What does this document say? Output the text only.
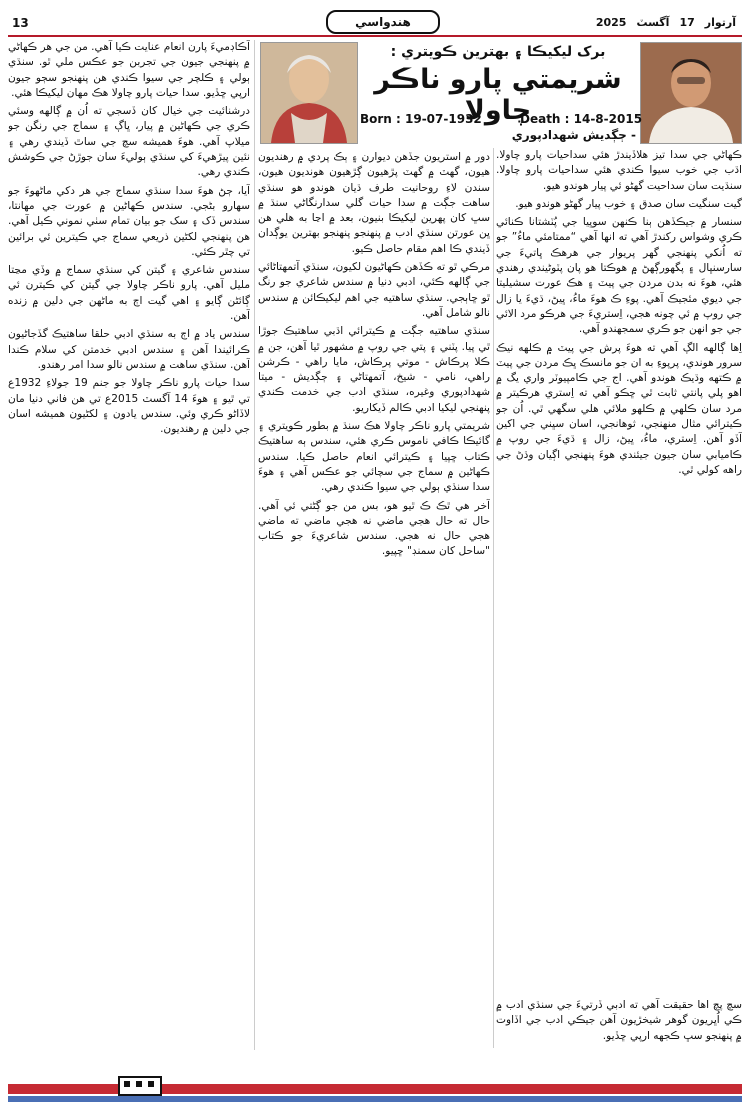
13	هندواسي	آرتوار17آگسٽ2025
برک ليکيڪا ۽ بهترين ڪويتري :
شريمتي پارو ناڪر چاولا
Born : 19-07-1932	Death : 14-8-2015
- ڄڳديش شهدادپوري

ڪهاڻي جي سدا تيز هلاڏيندڙ هئي سداحيات پارو چاولا. اڌب جي خوب سيوا ڪندي هئي سداحيات پارو چاولا. سنڌيت سان سداحيت گهڻو ئي پيار هوندو هيو.

گيت سنگيت سان صدق ۽ خوب پيار گهڻو هوندو هيو.

سنسار ۾ جيڪڏهن ٻنا ڪنهن سوڀيا جي پُٽشتانا ڪنائي ڪري وشواس رکندڙ آهي ته انها آهي “ممتامئي ماءُ” جو ته اُنکي پنهنجي گهر پريوار جي هرهڪ ڀاتيءَ جي سارسنڀال ۽ پگهورڳهڻ ۾ هوڪتا هو پان پٽوڻيندي رهندي هئي، هوءَ نه بدن مردن جي پيٽ ۽ هڪ عورت سشيليتا جي ديوي مئجيڪ آهي. پوءِ ڪ هوءَ ماءُ، ڀيڻ، ڌيءَ يا زال جي روپ ۾ ئي چونه هجي، اِستريءَ جي هرڪو مرد الائي جي جو انهن جو ڪري سمجهندو آهي.

اِها ڳالهه الڳ آهي ته هوءَ پرش جي پيٽ ۾ ڪلهه نيڪ سرور هوندي، پرپوءِ به ان جو مانسڪ ڀڪ مردن جي پيٽ ۾ ڪتهه وڌيڪ هوندو آهي. اج جي ڪامپيوٽر واري يگ ۾ اهو پلي پانتي ثابت ٿي ڇڪو آهي ته اِستري هرڪيتر ۾ مرد سان ڪلهي ۾ ڪلهو ملائي هلي سگهي ٿي. اُن جو ڪيترائي مثال منهنجي، ثوهانجي، اسان سڀني جي اکين آڏو آهن. اِستري، ماءُ، ڀيڻ، زال ۽ ڌيءَ جي روپ ۾ ڪاميابي سان جيون جيئندي هوءَ پنهنجي اڳيان وڌڻ جي راهه کولي ٿي.

سچ پچ اها حقيقت آهي ته ادبي ڏرتيءَ جي سنڌي ادب ۾ ڪي اُڀريون گوهر شيخڙيون آهن جيڪي ادب جي اڏاوت ۾ پنهنجو سڀ ڪجهه ارپي ڇڏيو.

دور ۾ استريون جڏهن ديوارن ۽ ٻڪ پردي ۾ رهنديون هيون، گهٽ ۾ گهٽ پڙهيون ڳڙهيون هونديون هيون، سندن لاءِ روحانيت طرف ڌيان هوندو هو سنڌي ساهت جڳت ۾ سدا حيات گلي سدارنگاڻي سنڌ ۾ سڀ کان پهرين ليکيڪا بنيون، بعد ۾ اڃا به هلي هن ڀن عورتن سنڌي ادب ۾ پنهنجو پنهنجو بهترين يوڳدان ڏيندي ڪا اهم مقام حاصل ڪيو.

مرڪي ٿو ته ڪڏهن ڪهاڻيون لکيون، سنڌي آتمهتاڻائي جي ڳالهه ڪئي، ادبي دنيا ۾ سندس شاعري جو رنگ ٿو ڇاٻجي. سنڌي ساهتيه جي اهم ليکيڪائن ۾ سندس نالو شامل آهي.

سنڌي ساهتيه جڳت ۾ ڪيترائي اڌبي ساهتيڪ جوڙا ٿي پيا. پٽني ۽ پتي جي روپ ۾ مشهور ٿيا آهن، جن ۾ ڪلا پرڪاش - موتي پرڪاش، مايا راهي - ڪرشن راهي، نامي - شيخ، آتمهتاڻي ۽ ڄڳديش - ميتا شهدادپوري وغيره، سنڌي ادب جي خدمت ڪندي پنهنجي ليکيا ادبي ڪالم ڏيکاريو.

شريمتي پارو ناڪر چاولا هڪ سنڌ ۾ بطور ڪويتري ۽ گائيڪا ڪافي ناموس ڪري هئي، سندس ٻه ساهتيڪ ڪتاب ڇپيا ۽ ڪيترائي انعام حاصل ڪيا. سندس ڪهاڻين ۾ سماج جي سچائي جو عڪس آهي ۽ هوءَ سدا سنڌي ٻولي جي سيوا ڪندي رهي.

آخر هي ٿڪ ڪ ٿيو هو، بس من جو ڳڻتي ئي آهي. حال ته حال هجي ماضي نه هجي ماضي ته ماضي هجي حال نه هجي. سندس شاعريءَ جو ڪتاب "ساحل کان سمنڊ" ڇپيو.

آڪاڊميءَ پارن انعام عنايت ڪيا آهي. من جي هر ڪهاڻي ۾ پنهنجي جيون جي تجربن جو عڪس ملي ٿو. سنڌي ٻولي ۽ ڪلچر جي سيوا ڪندي هن پنهنجو سڄو جيون ارپي ڇڏيو. سدا حيات پارو چاولا هڪ مهان ليکيڪا هئي.

درشنائيت جي خيال کان ڏسجي ته اُن ۾ ڳالهه وسئي ڪري جي ڪهاڻين ۾ پيار، ڀاڳ ۽ سماج جي رنگن جو ميلاپ آهي. هوءَ هميشه سچ جي ساٿ ڏيندي رهي ۽ نئين پيڙهيءَ کي سنڌي ٻوليءَ سان جوڙڻ جي ڪوشش ڪندي رهي.

آيا، ڄڻ هوءَ سدا سنڌي سماج جي هر دکي ماڻهوءَ جو سهارو بڻجي. سندس ڪهاڻين ۾ عورت جي مهانتا، سندس ڏک ۽ سک جو بيان تمام سٺي نموني ڪيل آهي. هن پنهنجي لکڻين ذريعي سماج جي ڪيترين ئي برائين تي چٿر ڪئي.

سندس شاعري ۽ گيتن کي سنڌي سماج ۾ وڏي مڃتا مليل آهي. پارو ناڪر چاولا جي گيتن کي ڪيترن ئي ڳائڻن ڳايو ۽ اهي گيت اڄ به ماڻهن جي دلين ۾ زنده آهن.

سندس ياد ۾ اڄ به سنڌي ادبي حلقا ساهتيڪ گڏجاڻيون ڪرائيندا آهن ۽ سندس ادبي خدمتن کي سلام ڪندا آهن. سنڌي ساهت ۾ سندس نالو سدا امر رهندو.

سدا حيات پارو ناڪر چاولا جو جنم 19 جولاءِ 1932ع تي ٿيو ۽ هوءَ 14 آگسٽ 2015ع تي هن فاني دنيا مان لاڏاڻو ڪري وئي. سندس يادون ۽ لکڻيون هميشه اسان جي دلين ۾ رهنديون.
